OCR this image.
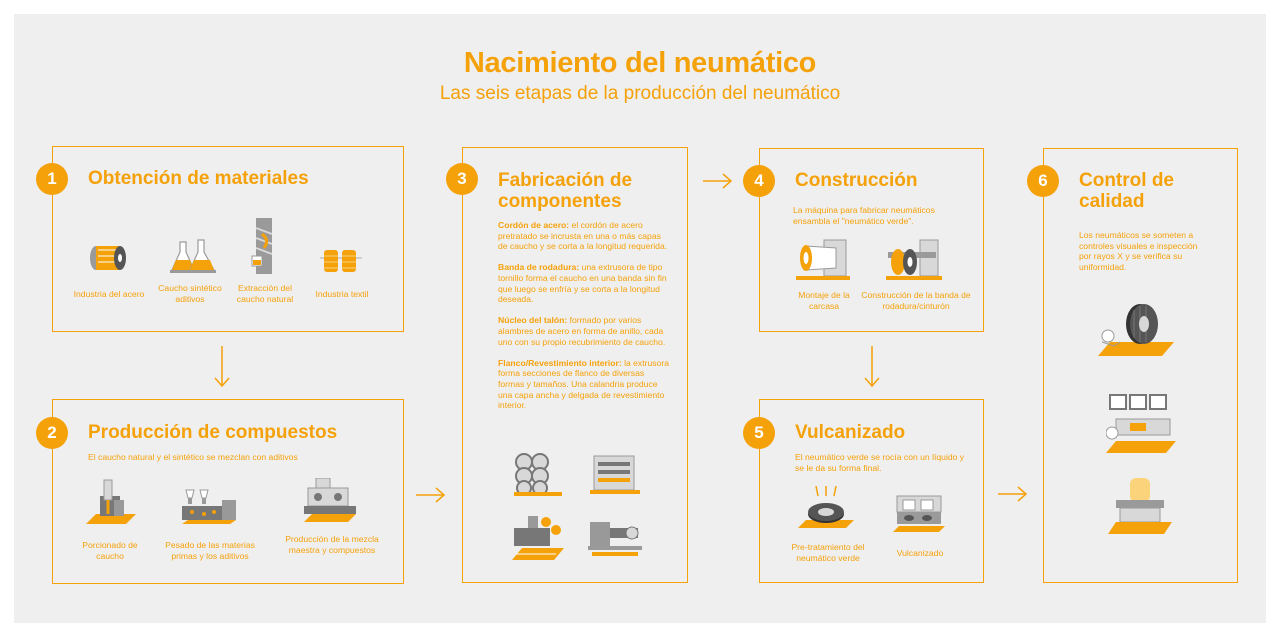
Nacimiento del neumático
Las seis etapas de la producción del neumático
1	Obtención de materiales
Industria del acero
Caucho sintético aditivos
Extracción del caucho natural	Industria textil
2	Producción de compuestos
El caucho natural y el sintético se mezclan con aditivos
Porcionado de caucho
Pesado de las materias primas y los aditivos
Producción de la mezcla maestra y compuestos
3	Fabricación de componentes

Cordón de acero: el cordón de acero pretratado se incrusta en una o más capas de caucho y se corta a la longitud requerida.

Banda de rodadura: una extrusora de tipo tornillo forma el caucho en una banda sin fin que luego se enfría y se corta a la longitud deseada.

Núcleo del talón: formado por varios alambres de acero en forma de anillo, cada uno con su propio recubrimiento de caucho.

Flanco/Revestimiento interior: la extrusora forma secciones de flanco de diversas formas y tamaños. Una calandria produce una capa ancha y delgada de revestimiento interior.

4	Construcción
La máquina para fabricar neumáticos ensambla el "neumático verde".
Montaje de la carcasa
Construcción de la banda de rodadura/cinturón
5	Vulcanizado
El neumático verde se rocía con un líquido y se le da su forma final.
Pre-tratamiento del neumático verde	Vulcanizado
6	Control de calidad
Los neumáticos se someten a controles visuales e inspección por rayos X y se verifica su uniformidad.
